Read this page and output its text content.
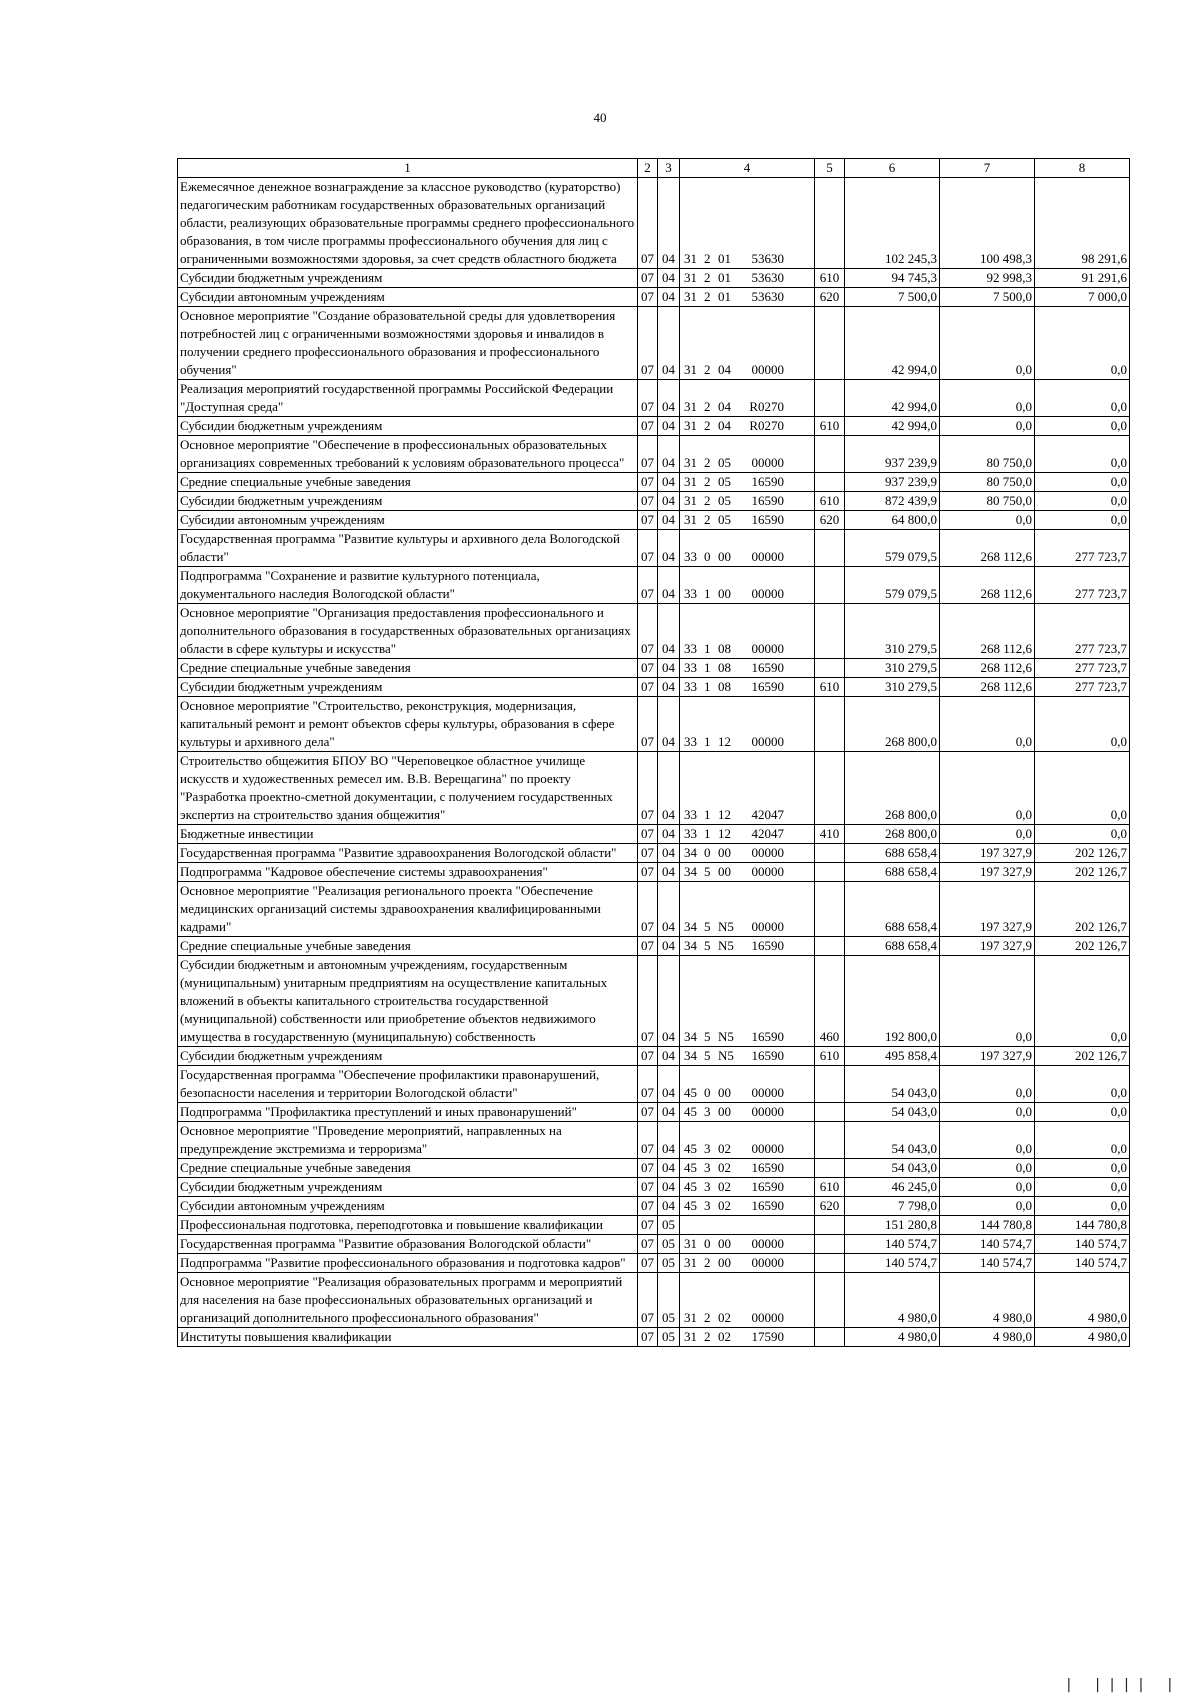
40
1	2	3	4	5	6	7	8
Ежемесячное денежное вознаграждение за классное руководство (кураторство) педагогическим работникам государственных образовательных организаций области, реализующих образовательные программы среднего профессионального образования, в том числе программы профессионального обучения для лиц с ограниченными возможностями здоровья, за счет средств областного бюджета	07	04	31 2 01 53630		102 245,3	100 498,3	98 291,6
Субсидии бюджетным учреждениям	07	04	31 2 01 53630	610	94 745,3	92 998,3	91 291,6
Субсидии автономным учреждениям	07	04	31 2 01 53630	620	7 500,0	7 500,0	7 000,0
Основное мероприятие "Создание образовательной среды для удовлетворения потребностей лиц с ограниченными возможностями здоровья и инвалидов в получении среднего профессионального образования и профессионального обучения"	07	04	31 2 04 00000		42 994,0	0,0	0,0
Реализация мероприятий государственной программы Российской Федерации "Доступная среда"	07	04	31 2 04 R0270		42 994,0	0,0	0,0
Субсидии бюджетным учреждениям	07	04	31 2 04 R0270	610	42 994,0	0,0	0,0
Основное мероприятие "Обеспечение в профессиональных образовательных организациях современных требований к условиям образовательного процесса"	07	04	31 2 05 00000		937 239,9	80 750,0	0,0
Средние специальные учебные заведения	07	04	31 2 05 16590		937 239,9	80 750,0	0,0
Субсидии бюджетным учреждениям	07	04	31 2 05 16590	610	872 439,9	80 750,0	0,0
Субсидии автономным учреждениям	07	04	31 2 05 16590	620	64 800,0	0,0	0,0
Государственная программа "Развитие культуры и архивного дела Вологодской области"	07	04	33 0 00 00000		579 079,5	268 112,6	277 723,7
Подпрограмма "Сохранение и развитие культурного потенциала, документального наследия Вологодской области"	07	04	33 1 00 00000		579 079,5	268 112,6	277 723,7
Основное мероприятие "Организация предоставления профессионального и дополнительного образования в государственных образовательных организациях области в сфере культуры и искусства"	07	04	33 1 08 00000		310 279,5	268 112,6	277 723,7
Средние специальные учебные заведения	07	04	33 1 08 16590		310 279,5	268 112,6	277 723,7
Субсидии бюджетным учреждениям	07	04	33 1 08 16590	610	310 279,5	268 112,6	277 723,7
Основное мероприятие "Строительство, реконструкция, модернизация, капитальный ремонт и ремонт объектов сферы культуры, образования в сфере культуры и архивного дела"	07	04	33 1 12 00000		268 800,0	0,0	0,0
Строительство общежития БПОУ ВО "Череповецкое областное училище искусств и художественных ремесел им. В.В. Верещагина" по проекту "Разработка проектно-сметной документации, с получением государственных экспертиз на строительство здания общежития"	07	04	33 1 12 42047		268 800,0	0,0	0,0
Бюджетные инвестиции	07	04	33 1 12 42047	410	268 800,0	0,0	0,0
Государственная программа "Развитие здравоохранения Вологодской области"	07	04	34 0 00 00000		688 658,4	197 327,9	202 126,7
Подпрограмма "Кадровое обеспечение системы здравоохранения"	07	04	34 5 00 00000		688 658,4	197 327,9	202 126,7
Основное мероприятие "Реализация регионального проекта "Обеспечение медицинских организаций системы здравоохранения квалифицированными кадрами"	07	04	34 5 N5 00000		688 658,4	197 327,9	202 126,7
Средние специальные учебные заведения	07	04	34 5 N5 16590		688 658,4	197 327,9	202 126,7
Субсидии бюджетным и автономным учреждениям, государственным (муниципальным) унитарным предприятиям на осуществление капитальных вложений в объекты капитального строительства государственной (муниципальной) собственности или приобретение объектов недвижимого имущества в государственную (муниципальную) собственность	07	04	34 5 N5 16590	460	192 800,0	0,0	0,0
Субсидии бюджетным учреждениям	07	04	34 5 N5 16590	610	495 858,4	197 327,9	202 126,7
Государственная программа "Обеспечение профилактики правонарушений, безопасности населения и территории Вологодской области"	07	04	45 0 00 00000		54 043,0	0,0	0,0
Подпрограмма "Профилактика преступлений и иных правонарушений"	07	04	45 3 00 00000		54 043,0	0,0	0,0
Основное мероприятие "Проведение мероприятий, направленных на предупреждение экстремизма и терроризма"	07	04	45 3 02 00000		54 043,0	0,0	0,0
Средние специальные учебные заведения	07	04	45 3 02 16590		54 043,0	0,0	0,0
Субсидии бюджетным учреждениям	07	04	45 3 02 16590	610	46 245,0	0,0	0,0
Субсидии автономным учреждениям	07	04	45 3 02 16590	620	7 798,0	0,0	0,0
Профессиональная подготовка, переподготовка и повышение квалификации	07	05			151 280,8	144 780,8	144 780,8
Государственная программа "Развитие образования Вологодской области"	07	05	31 0 00 00000		140 574,7	140 574,7	140 574,7
Подпрограмма "Развитие профессионального образования и подготовка кадров"	07	05	31 2 00 00000		140 574,7	140 574,7	140 574,7
Основное мероприятие "Реализация образовательных программ и мероприятий для населения на базе профессиональных образовательных организаций и организаций дополнительного профессионального образования"	07	05	31 2 02 00000		4 980,0	4 980,0	4 980,0
Институты повышения квалификации	07	05	31 2 02 17590		4 980,0	4 980,0	4 980,0
| |||| |
